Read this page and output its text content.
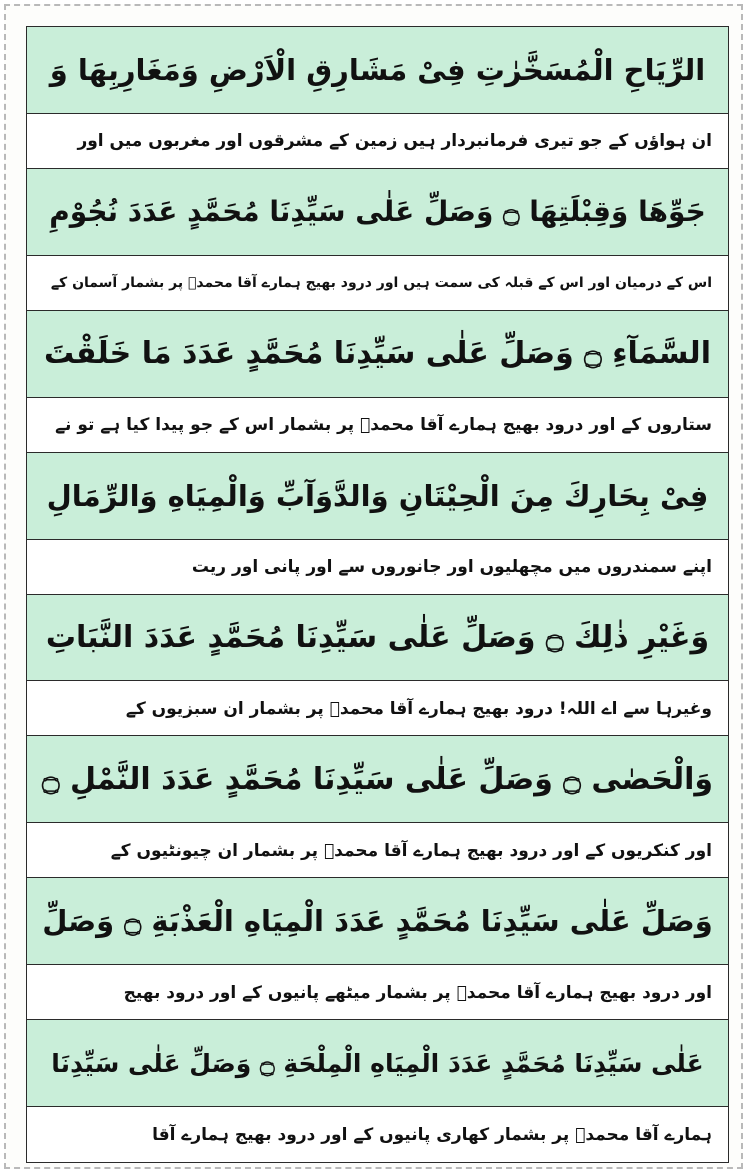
الرِّيَاحِ الْمُسَخَّرٰتِ فِیْ مَشَارِقِ الْاَرْضِ وَمَغَارِبِهَا وَ
ان ہواؤں کے جو تیری فرمانبردار ہیں زمین کے مشرقوں اور مغربوں میں اور
جَوِّهَا وَقِبْلَتِهَا ۝ وَصَلِّ عَلٰی سَيِّدِنَا مُحَمَّدٍ عَدَدَ نُجُوْمِ
اس کے درمیان اور اس کے قبلہ کی سمت ہیں اور درود بھیج ہمارے آقا محمدؐ پر بشمار آسمان کے
السَّمَآءِ ۝ وَصَلِّ عَلٰی سَيِّدِنَا مُحَمَّدٍ عَدَدَ مَا خَلَقْتَ
ستاروں کے اور درود بھیج ہمارے آقا محمدؐ پر بشمار اس کے جو پیدا کیا ہے تو نے
فِیْ بِحَارِكَ مِنَ الْحِيْتَانِ وَالدَّوَآبِّ وَالْمِيَاهِ وَالرِّمَالِ
اپنے سمندروں میں مچھلیوں اور جانوروں سے اور پانی اور ریت
وَغَيْرِ ذٰلِكَ ۝ وَصَلِّ عَلٰی سَيِّدِنَا مُحَمَّدٍ عَدَدَ النَّبَاتِ
وغیرہا سے اے اللہ! درود بھیج ہمارے آقا محمدؐ پر بشمار ان سبزیوں کے
وَالْحَصٰی ۝ وَصَلِّ عَلٰی سَيِّدِنَا مُحَمَّدٍ عَدَدَ النَّمْلِ ۝
اور کنکریوں کے اور درود بھیج ہمارے آقا محمدؐ پر بشمار ان چیونٹیوں کے
وَصَلِّ عَلٰی سَيِّدِنَا مُحَمَّدٍ عَدَدَ الْمِيَاهِ الْعَذْبَةِ ۝ وَصَلِّ
اور درود بھیج ہمارے آقا محمدؐ پر بشمار میٹھے پانیوں کے اور درود بھیج
عَلٰی سَيِّدِنَا مُحَمَّدٍ عَدَدَ الْمِيَاهِ الْمِلْحَةِ ۝ وَصَلِّ عَلٰی سَيِّدِنَا
ہمارے آقا محمدؐ پر بشمار کھاری پانیوں کے اور درود بھیج ہمارے آقا
